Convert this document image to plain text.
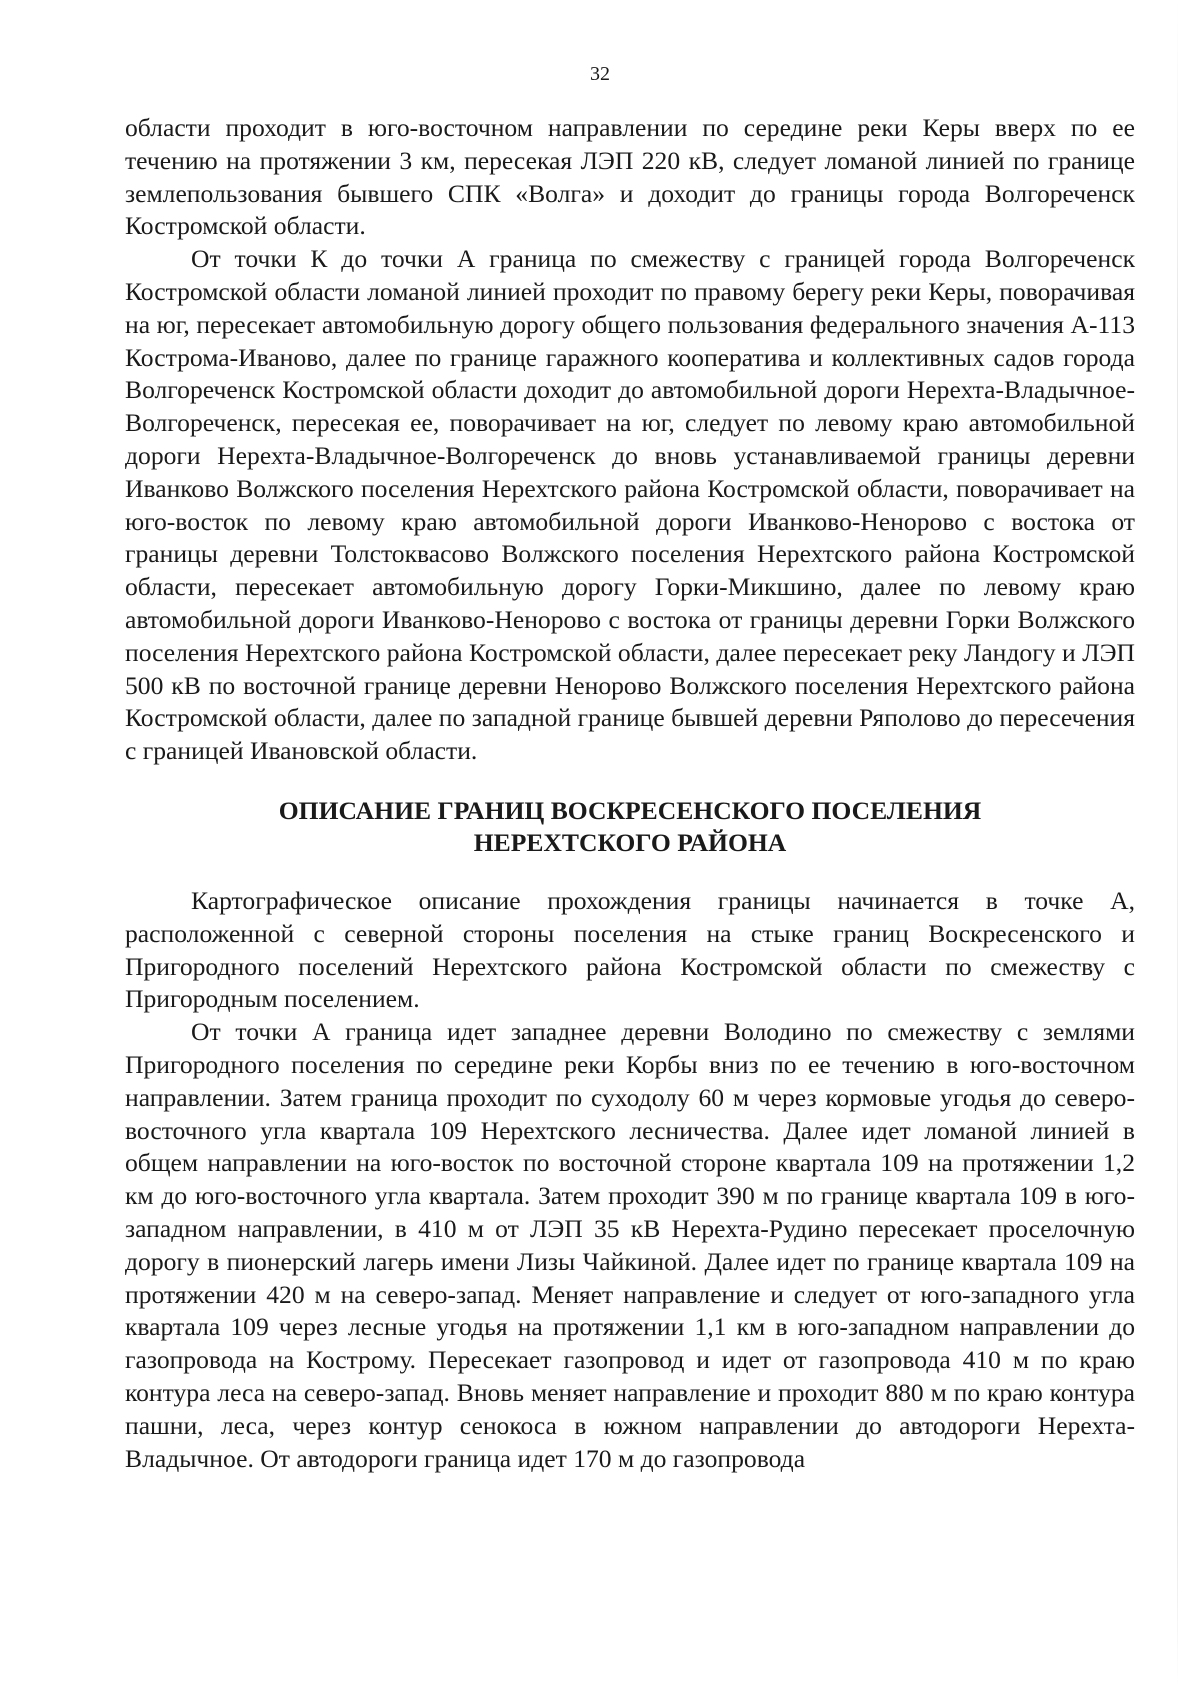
32

области проходит в юго-восточном направлении по середине реки Керы вверх по ее течению на протяжении 3 км, пересекая ЛЭП 220 кВ, следует ломаной линией по границе землепользования бывшего СПК «Волга» и доходит до границы города Волгореченск Костромской области.

От точки К до точки А граница по смежеству с границей города Волгореченск Костромской области ломаной линией проходит по правому берегу реки Керы, поворачивая на юг, пересекает автомобильную дорогу общего пользования федерального значения А-113 Кострома-Иваново, далее по границе гаражного кооператива и коллективных садов города Волгореченск Костромской области доходит до автомобильной дороги Нерехта-Владычное-Волгореченск, пересекая ее, поворачивает на юг, следует по левому краю автомобильной дороги Нерехта-Владычное-Волгореченск до вновь устанавливаемой границы деревни Иванково Волжского поселения Нерехтского района Костромской области, поворачивает на юго-восток по левому краю автомобильной дороги Иванково-Ненорово с востока от границы деревни Толстоквасово Волжского поселения Нерехтского района Костромской области, пересекает автомобильную дорогу Горки-Микшино, далее по левому краю автомобильной дороги Иванково-Ненорово с востока от границы деревни Горки Волжского поселения Нерехтского района Костромской области, далее пересекает реку Ландогу и ЛЭП 500 кВ по восточной границе деревни Ненорово Волжского поселения Нерехтского района Костромской области, далее по западной границе бывшей деревни Ряполово до пересечения с границей Ивановской области.

ОПИСАНИЕ ГРАНИЦ ВОСКРЕСЕНСКОГО ПОСЕЛЕНИЯ
НЕРЕХТСКОГО РАЙОНА

Картографическое описание прохождения границы начинается в точке А, расположенной с северной стороны поселения на стыке границ Воскресенского и Пригородного поселений Нерехтского района Костромской области по смежеству с Пригородным поселением.

От точки А граница идет западнее деревни Володино по смежеству с землями Пригородного поселения по середине реки Корбы вниз по ее течению в юго-восточном направлении. Затем граница проходит по суходолу 60 м через кормовые угодья до северо-восточного угла квартала 109 Нерехтского лесничества. Далее идет ломаной линией в общем направлении на юго-восток по восточной стороне квартала 109 на протяжении 1,2 км до юго-восточного угла квартала. Затем проходит 390 м по границе квартала 109 в юго-западном направлении, в 410 м от ЛЭП 35 кВ Нерехта-Рудино пересекает проселочную дорогу в пионерский лагерь имени Лизы Чайкиной. Далее идет по границе квартала 109 на протяжении 420 м на северо-запад. Меняет направление и следует от юго-западного угла квартала 109 через лесные угодья на протяжении 1,1 км в юго-западном направлении до газопровода на Кострому. Пересекает газопровод и идет от газопровода 410 м по краю контура леса на северо-запад. Вновь меняет направление и проходит 880 м по краю контура пашни, леса, через контур сенокоса в южном направлении до автодороги Нерехта-Владычное. От автодороги граница идет 170 м до газопровода
